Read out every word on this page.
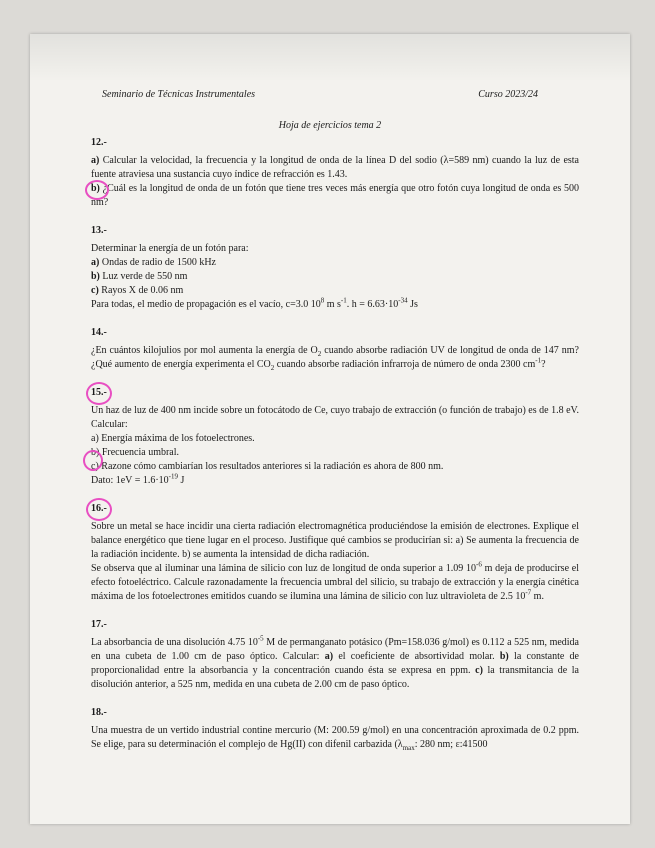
Seminario de Técnicas Instrumentales	Curso 2023/24
Hoja de ejercicios tema 2
12.-
a) Calcular la velocidad, la frecuencia y la longitud de onda de la línea D del sodio (λ=589 nm) cuando la luz de esta fuente atraviesa una sustancia cuyo índice de refracción es 1.43.
b) ¿Cuál es la longitud de onda de un fotón que tiene tres veces más energía que otro fotón cuya longitud de onda es 500 nm?
13.-
Determinar la energía de un fotón para:
a) Ondas de radio de 1500 kHz
b) Luz verde de 550 nm
c) Rayos X de 0.06 nm
Para todas, el medio de propagación es el vacío, c=3.0 $10^8$ m $s^{-1}$. $h = 6.63\cdot 10^{-34}$ Js
14.-
¿En cuántos kilojulios por mol aumenta la energía de $O_2$ cuando absorbe radiación UV de longitud de onda de 147 nm? ¿Qué aumento de energía experimenta el $CO_2$ cuando absorbe radiación infrarroja de número de onda 2300 $cm^{-1}$?
15.-
Un haz de luz de 400 nm incide sobre un fotocátodo de Ce, cuyo trabajo de extracción (o función de trabajo) es de 1.8 eV. Calcular:
a) Energía máxima de los fotoelectrones.
b) Frecuencia umbral.
c) Razone cómo cambiarían los resultados anteriores si la radiación es ahora de 800 nm.
Dato: $1eV = 1.6\cdot 10^{-19}$ J
16.-
Sobre un metal se hace incidir una cierta radiación electromagnética produciéndose la emisión de electrones. Explique el balance energético que tiene lugar en el proceso. Justifique qué cambios se producirían si: a) Se aumenta la frecuencia de la radiación incidente. b) se aumenta la intensidad de dicha radiación.
Se observa que al iluminar una lámina de silicio con luz de longitud de onda superior a 1.09 $10^{-6}$ m deja de producirse el efecto fotoeléctrico. Calcule razonadamente la frecuencia umbral del silicio, su trabajo de extracción y la energía cinética máxima de los fotoelectrones emitidos cuando se ilumina una lámina de silicio con luz ultravioleta de 2.5 $10^{-7}$ m.
17.-
La absorbancia de una disolución 4.75 $10^{-5}$ M de permanganato potásico (Pm=158.036 g/mol) es 0.112 a 525 nm, medida en una cubeta de 1.00 cm de paso óptico. Calcular: a) el coeficiente de absortividad molar. b) la constante de proporcionalidad entre la absorbancia y la concentración cuando ésta se expresa en ppm. c) la transmitancia de la disolución anterior, a 525 nm, medida en una cubeta de 2.00 cm de paso óptico.
18.-
Una muestra de un vertido industrial contine mercurio (M: 200.59 g/mol) en una concentración aproximada de 0.2 ppm. Se elige, para su determinación el complejo de Hg(II) con difenil carbazida ($\lambda_{max}$: 280 nm; ε:41500
